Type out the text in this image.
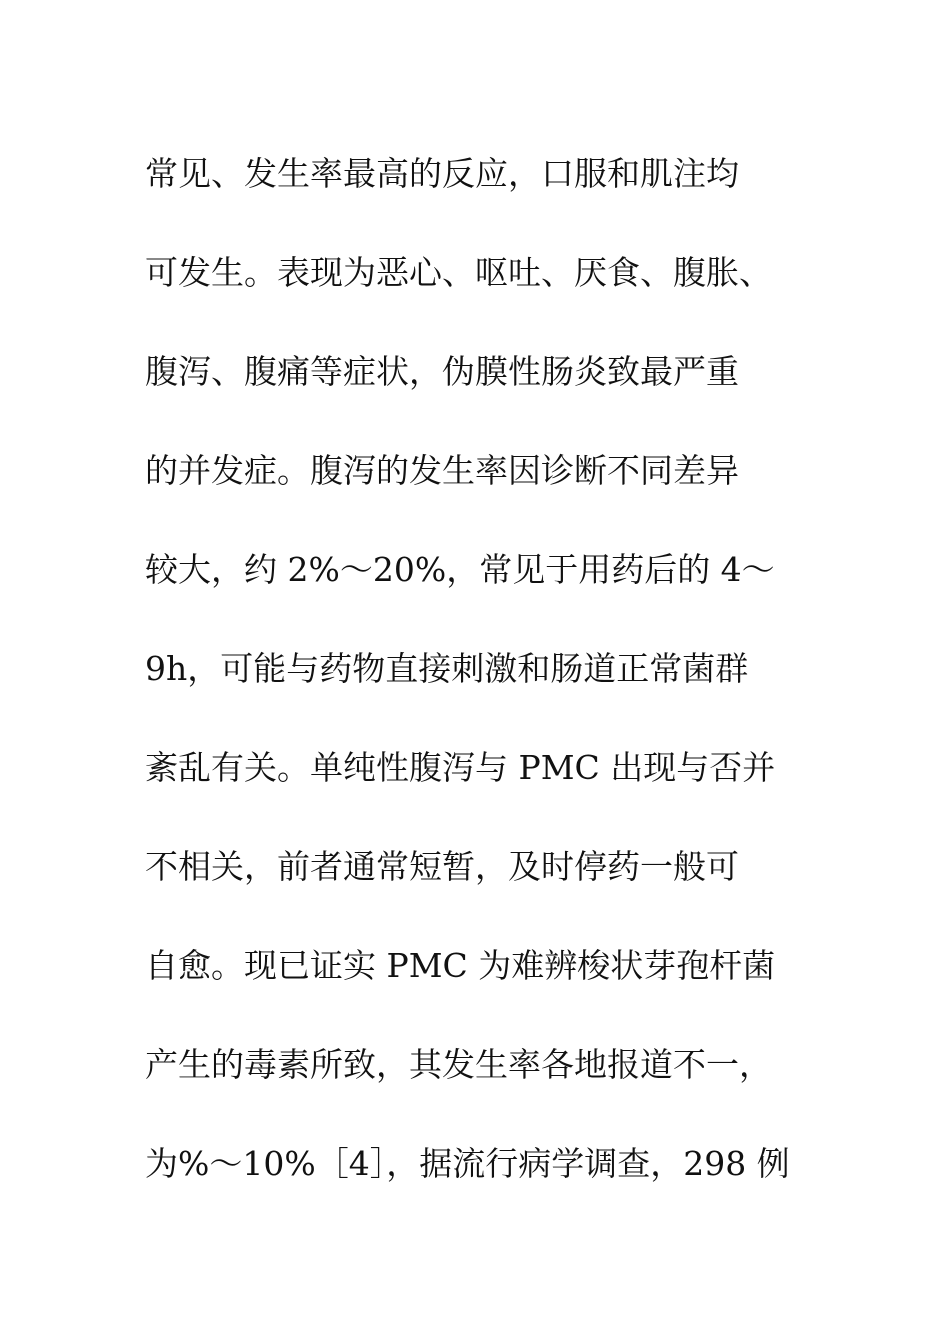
常见、发生率最高的反应，口服和肌注均
可发生。表现为恶心、呕吐、厌食、腹胀、
腹泻、腹痛等症状，伪膜性肠炎致最严重
的并发症。腹泻的发生率因诊断不同差异
较大，约 2%～20%，常见于用药后的 4～
9h，可能与药物直接刺激和肠道正常菌群
紊乱有关。单纯性腹泻与 PMC 出现与否并
不相关，前者通常短暂，及时停药一般可
自愈。现已证实 PMC 为难辨梭状芽孢杆菌
产生的毒素所致，其发生率各地报道不一，
为%～10%［4］，据流行病学调查，298 例
